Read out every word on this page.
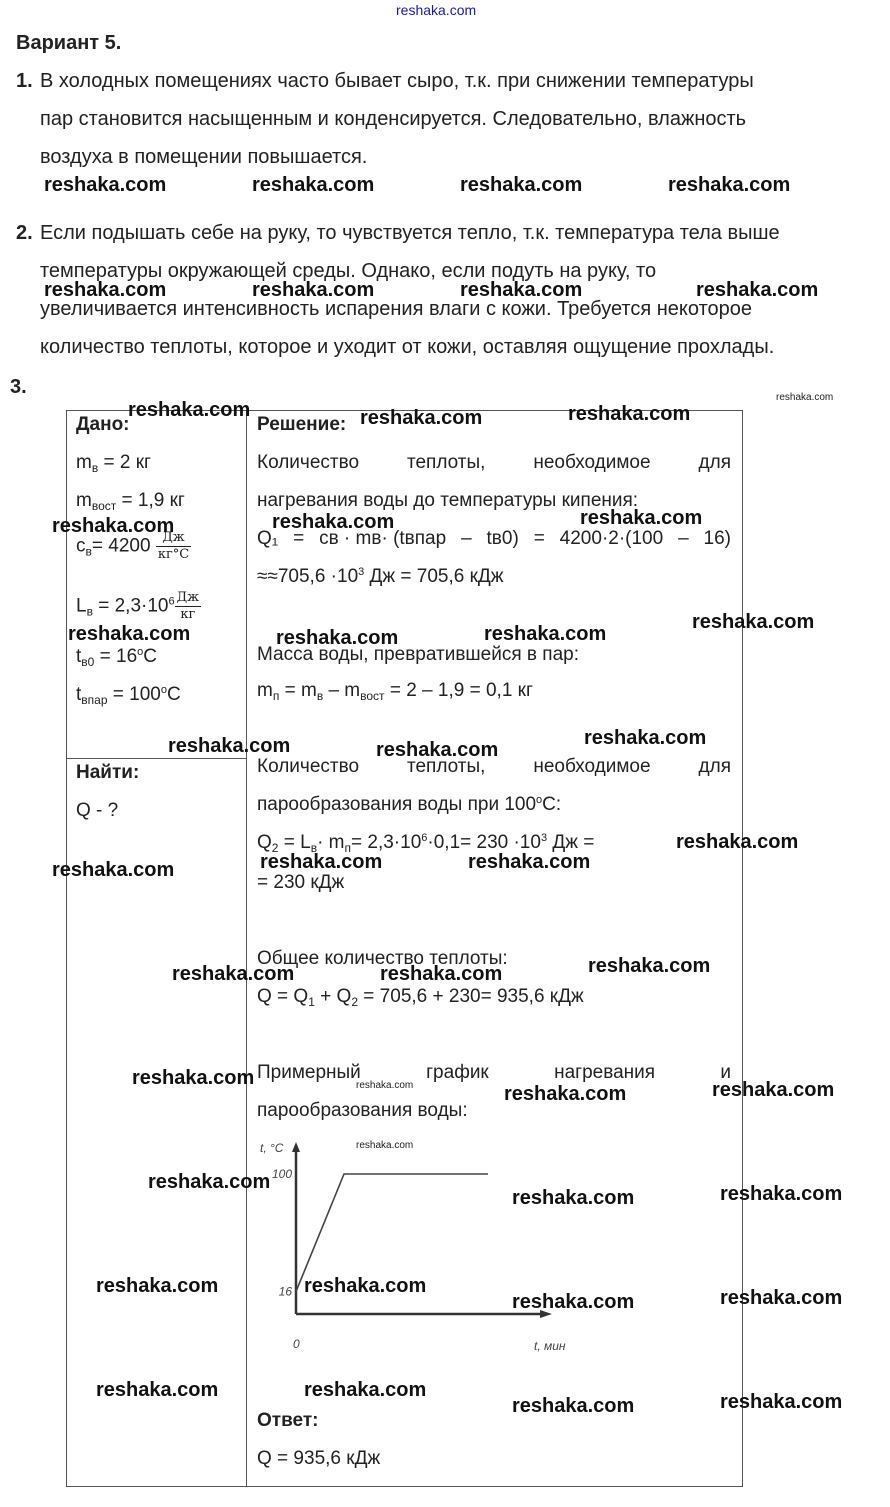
reshaka.com
Вариант 5.
1. В холодных помещениях часто бывает сыро, т.к. при снижении температуры
пар становится насыщенным и конденсируется. Следовательно, влажность
воздуха в помещении повышается.
2. Если подышать себе на руку, то чувствуется тепло, т.к. температура тела выше
температуры окружающей среды. Однако, если подуть на руку, то
увеличивается интенсивность испарения влаги с кожи. Требуется некоторое
количество теплоты, которое и уходит от кожи, оставляя ощущение прохлады.
3.
Дано:
$m_в = 2$ кг
$m_{вост} = 1,9$ кг
$c_в= 4200 \frac{Дж}{кг^\circ C}$
$L_в = 2,3\cdot 10^6 \frac{Дж}{кг}$
$t_{в0} = 16^oC$
$t_{впар} = 100^oC$
Найти:
Q - ?
Решение:
Количество	теплоты,	необходимое	для
нагревания воды до температуры кипения:
Q₁ = cв · mв· (tвпар – tв0) = 4200·2·(100 – 16)
$\approx\approx 705,6 \cdot 10^3$ Дж = 705,6 кДж
Масса воды, превратившейся в пар:
$m_п = m_в - m_{вост} = 2 - 1,9 = 0,1$ кг
Количество	теплоты,	необходимое	для
парообразования воды при 100$^o$C:
$Q_2 = L_в\cdot m_п= 2,3\cdot 10^6\cdot 0,1= 230 \cdot 10^3$ Дж =
= 230 кДж
Общее количество теплоты:
$Q = Q_1 + Q_2 = 705,6 + 230= 935,6$ кДж
Примерный	график	нагревания	и
парообразования воды:
t, °C
t, мин
0
16
100
Ответ:
Q = 935,6 кДж
reshaka.com	reshaka.com	reshaka.com	reshaka.com
reshaka.com	reshaka.com	reshaka.com	reshaka.com
reshaka.com	reshaka.com	reshaka.com
reshaka.com	reshaka.com	reshaka.com
reshaka.com	reshaka.com	reshaka.com
reshaka.com
reshaka.com	reshaka.com
reshaka.com
reshaka.com
reshaka.com	reshaka.com	reshaka.com
reshaka.com	reshaka.com	reshaka.com
reshaka.com
reshaka.com	reshaka.com
reshaka.com
reshaka.com	reshaka.com
reshaka.com	reshaka.com
reshaka.com	reshaka.com
reshaka.com	reshaka.com
reshaka.com	reshaka.com
reshaka.com
reshaka.com
reshaka.com
